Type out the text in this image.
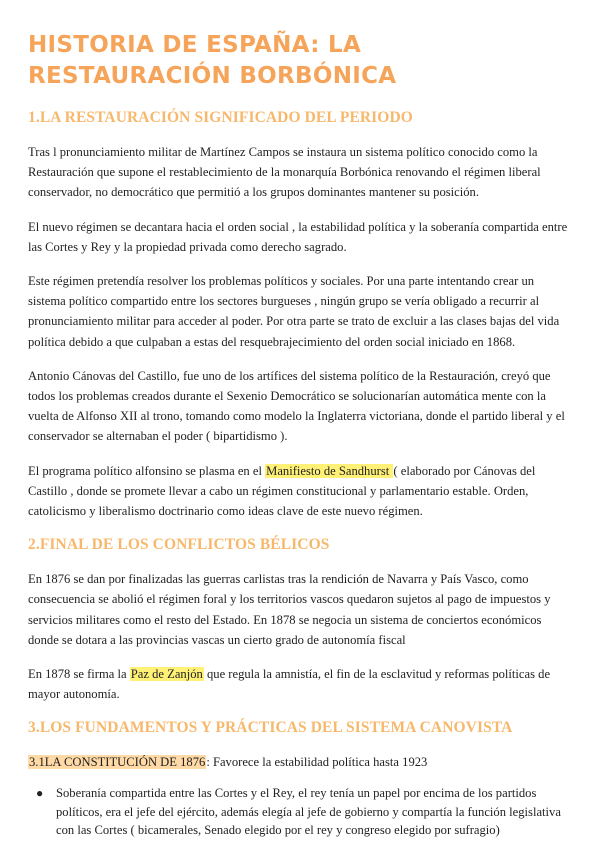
HISTORIA DE ESPAÑA: LA RESTAURACIÓN BORBÓNICA
1.LA RESTAURACIÓN SIGNIFICADO DEL PERIODO

Tras l pronunciamiento militar de Martínez Campos se instaura un sistema político conocido como la Restauración que supone el restablecimiento de la monarquía Borbónica renovando el régimen liberal conservador, no democrático que permitió a los grupos dominantes mantener su posición.

El nuevo régimen se decantara hacia el orden social , la estabilidad política y la soberanía compartida entre las Cortes y Rey y la propiedad privada como derecho sagrado.

Este régimen pretendía resolver los problemas políticos y sociales. Por una parte intentando crear un sistema político compartido entre los sectores burgueses , ningún grupo se vería obligado a recurrir al pronunciamiento militar para acceder al poder. Por otra parte se trato de excluir a las clases bajas del vida política debido a que culpaban a estas del resquebrajecimiento del orden social iniciado en 1868.

Antonio Cánovas del Castillo, fue uno de los artífices del sistema político de la Restauración, creyó que todos los problemas creados durante el Sexenio Democrático se solucionarían automática mente con la vuelta de Alfonso XII al trono, tomando como modelo la Inglaterra victoriana, donde el partido liberal y el conservador se alternaban el poder ( bipartidismo ).

El programa político alfonsino se plasma en el Manifiesto de Sandhurst ( elaborado por Cánovas del Castillo , donde se promete llevar a cabo un régimen constitucional y parlamentario estable. Orden, catolicismo y liberalismo doctrinario como ideas clave de este nuevo régimen.

2.FINAL DE LOS CONFLICTOS BÉLICOS

En 1876 se dan por finalizadas las guerras carlistas tras la rendición de Navarra y País Vasco, como consecuencia se abolió el régimen foral y los territorios vascos quedaron sujetos al pago de impuestos y servicios militares como el resto del Estado. En 1878 se negocia un sistema de conciertos económicos donde se dotara a las provincias vascas un cierto grado de autonomía fiscal

En 1878 se firma la Paz de Zanjón que regula la amnistía, el fin de la esclavitud y reformas políticas de mayor autonomía.

3.LOS FUNDAMENTOS Y PRÁCTICAS DEL SISTEMA CANOVISTA

3.1LA CONSTITUCIÓN DE 1876: Favorece la estabilidad política hasta 1923

● Soberanía compartida entre las Cortes y el Rey, el rey tenía un papel por encima de los partidos políticos, era el jefe del ejército, además elegía al jefe de gobierno y compartía la función legislativa con las Cortes ( bicamerales, Senado elegido por el rey y congreso elegido por sufragio)
